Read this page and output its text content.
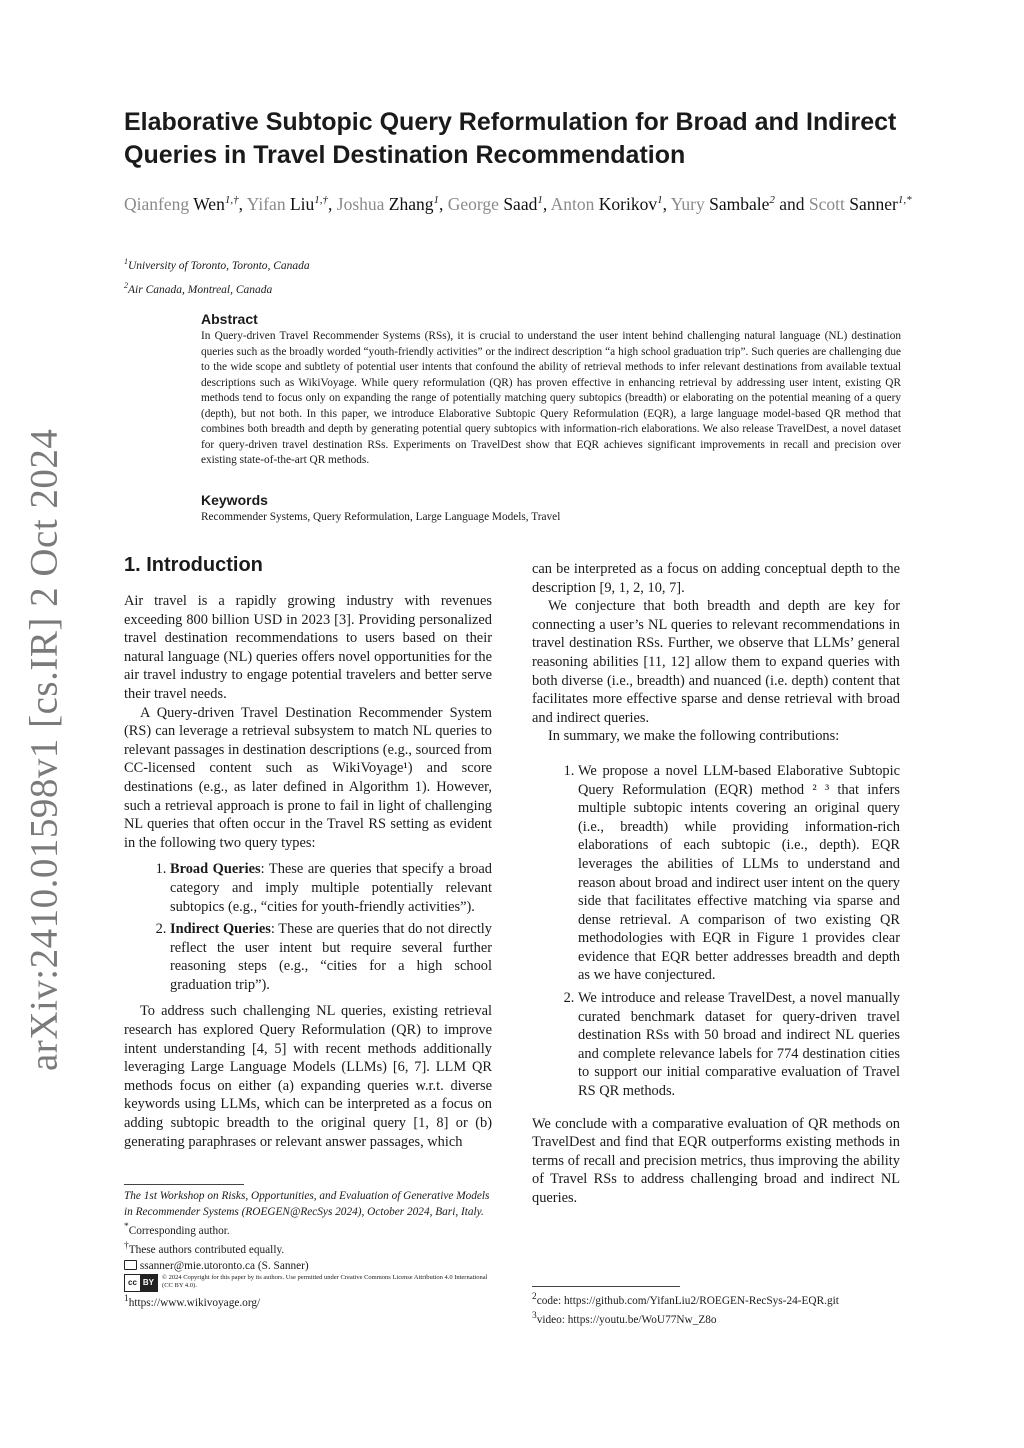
arXiv:2410.01598v1 [cs.IR] 2 Oct 2024
Elaborative Subtopic Query Reformulation for Broad and Indirect Queries in Travel Destination Recommendation
Qianfeng Wen$^{1,\dagger}$, Yifan Liu$^{1,\dagger}$, Joshua Zhang$^1$, George Saad$^1$, Anton Korikov$^1$, Yury Sambale$^2$ and Scott Sanner$^{1,*}$
$^1$University of Toronto, Toronto, Canada
$^2$Air Canada, Montreal, Canada
Abstract

In Query-driven Travel Recommender Systems (RSs), it is crucial to understand the user intent behind challenging natural language (NL) destination queries such as the broadly worded “youth-friendly activities” or the indirect description “a high school graduation trip”. Such queries are challenging due to the wide scope and subtlety of potential user intents that confound the ability of retrieval methods to infer relevant destinations from available textual descriptions such as WikiVoyage. While query reformulation (QR) has proven effective in enhancing retrieval by addressing user intent, existing QR methods tend to focus only on expanding the range of potentially matching query subtopics (breadth) or elaborating on the potential meaning of a query (depth), but not both. In this paper, we introduce Elaborative Subtopic Query Reformulation (EQR), a large language model-based QR method that combines both breadth and depth by generating potential query subtopics with information-rich elaborations. We also release TravelDest, a novel dataset for query-driven travel destination RSs. Experiments on TravelDest show that EQR achieves significant improvements in recall and precision over existing state-of-the-art QR methods.

Keywords

Recommender Systems, Query Reformulation, Large Language Models, Travel

1. Introduction

Air travel is a rapidly growing industry with revenues exceeding 800 billion USD in 2023 [3]. Providing personalized travel destination recommendations to users based on their natural language (NL) queries offers novel opportunities for the air travel industry to engage potential travelers and better serve their travel needs.

A Query-driven Travel Destination Recommender System (RS) can leverage a retrieval subsystem to match NL queries to relevant passages in destination descriptions (e.g., sourced from CC-licensed content such as WikiVoyage¹) and score destinations (e.g., as later defined in Algorithm 1). However, such a retrieval approach is prone to fail in light of challenging NL queries that often occur in the Travel RS setting as evident in the following two query types:

1. Broad Queries: These are queries that specify a broad category and imply multiple potentially relevant subtopics (e.g., “cities for youth-friendly activities”).
2. Indirect Queries: These are queries that do not directly reflect the user intent but require several further reasoning steps (e.g., “cities for a high school graduation trip”).

To address such challenging NL queries, existing retrieval research has explored Query Reformulation (QR) to improve intent understanding [4, 5] with recent methods additionally leveraging Large Language Models (LLMs) [6, 7]. LLM QR methods focus on either (a) expanding queries w.r.t. diverse keywords using LLMs, which can be interpreted as a focus on adding subtopic breadth to the original query [1, 8] or (b) generating paraphrases or relevant answer passages, which

can be interpreted as a focus on adding conceptual depth to the description [9, 1, 2, 10, 7].

We conjecture that both breadth and depth are key for connecting a user’s NL queries to relevant recommendations in travel destination RSs. Further, we observe that LLMs’ general reasoning abilities [11, 12] allow them to expand queries with both diverse (i.e., breadth) and nuanced (i.e. depth) content that facilitates more effective sparse and dense retrieval with broad and indirect queries.

In summary, we make the following contributions:

1. We propose a novel LLM-based Elaborative Subtopic Query Reformulation (EQR) method ² ³ that infers multiple subtopic intents covering an original query (i.e., breadth) while providing information-rich elaborations of each subtopic (i.e., depth). EQR leverages the abilities of LLMs to understand and reason about broad and indirect user intent on the query side that facilitates effective matching via sparse and dense retrieval. A comparison of two existing QR methodologies with EQR in Figure 1 provides clear evidence that EQR better addresses breadth and depth as we have conjectured.
2. We introduce and release TravelDest, a novel manually curated benchmark dataset for query-driven travel destination RSs with 50 broad and indirect NL queries and complete relevance labels for 774 destination cities to support our initial comparative evaluation of Travel RS QR methods.

We conclude with a comparative evaluation of QR methods on TravelDest and find that EQR outperforms existing methods in terms of recall and precision metrics, thus improving the ability of Travel RSs to address challenging broad and indirect NL queries.

The 1st Workshop on Risks, Opportunities, and Evaluation of Generative Models in Recommender Systems (ROEGEN@RecSys 2024), October 2024, Bari, Italy.

*Corresponding author.

†These authors contributed equally.

ssanner@mie.utoronto.ca (S. Sanner)

cc BY
© 2024 Copyright for this paper by its authors. Use permitted under Creative Commons License Attribution 4.0 International (CC BY 4.0).

$^1$https://www.wikivoyage.org/	$^2$code: https://github.com/YifanLiu2/ROEGEN-RecSys-24-EQR.git

$^3$video: https://youtu.be/WoU77Nw_Z8o
